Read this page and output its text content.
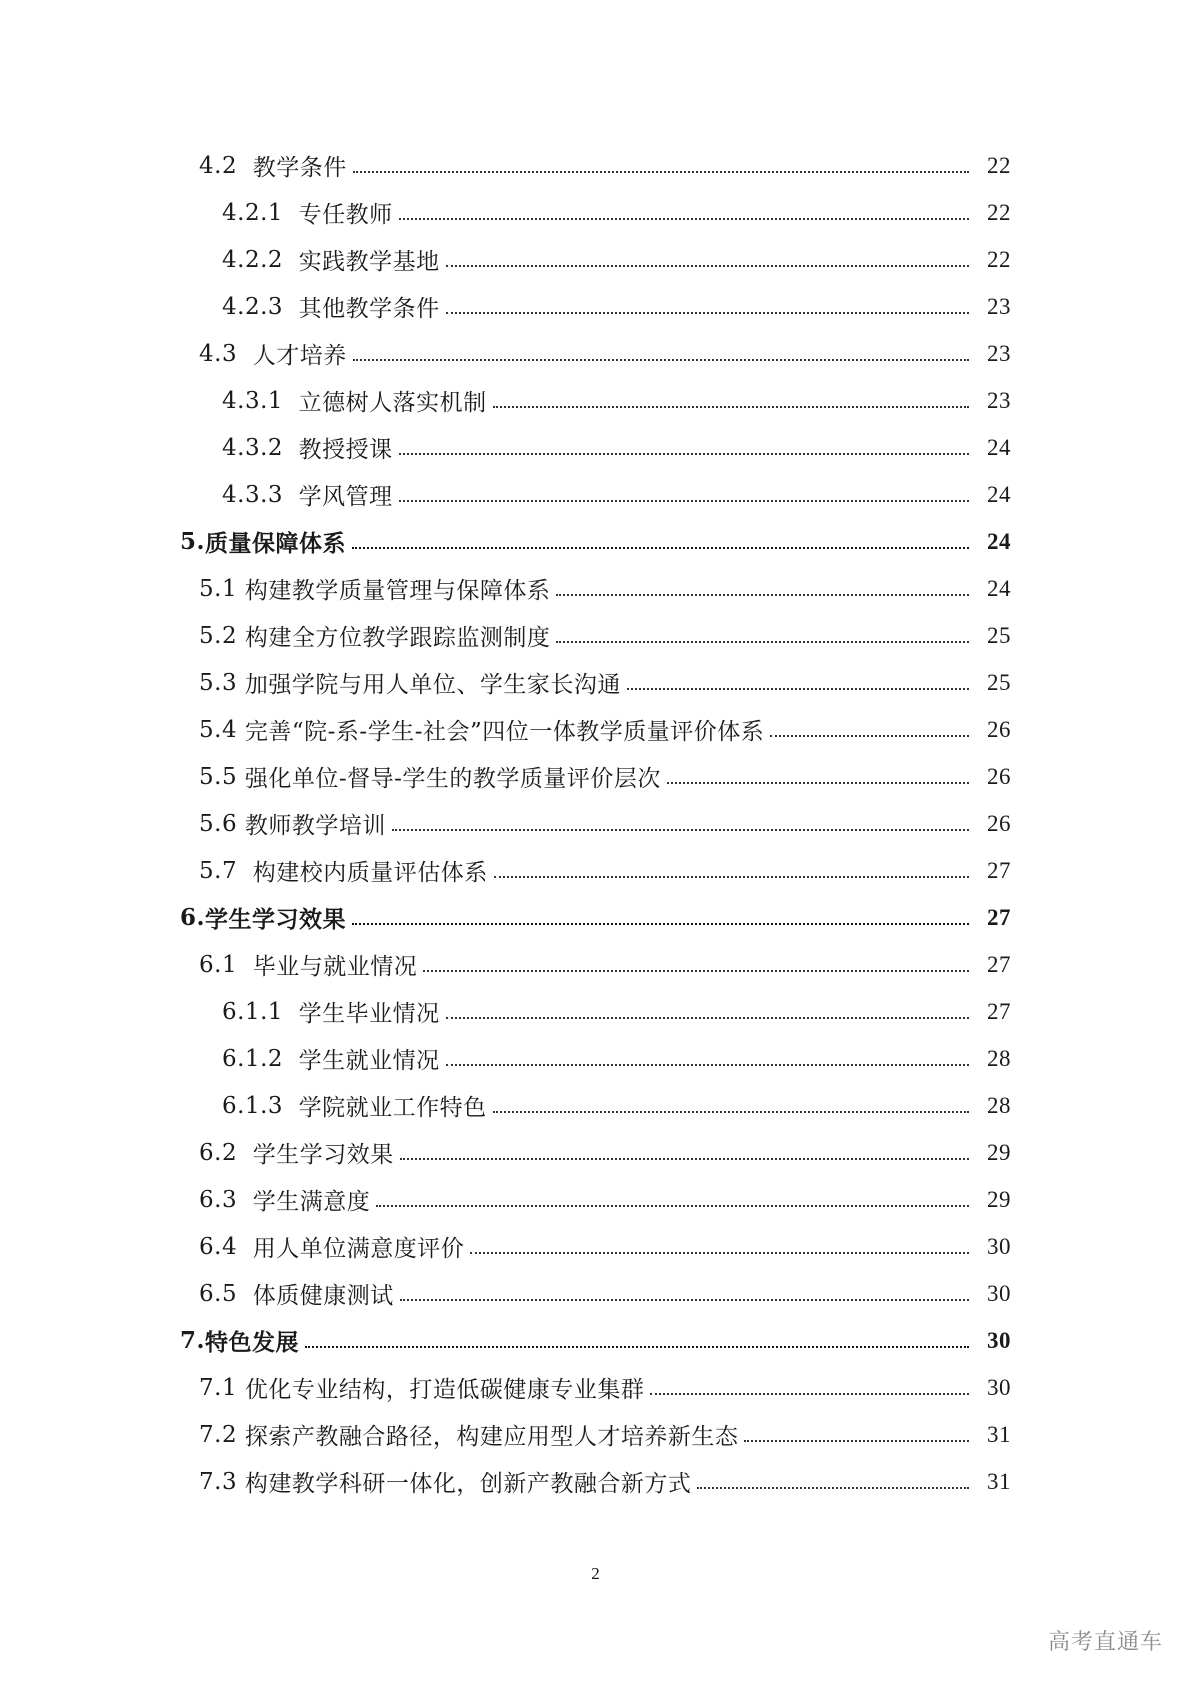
4.2 教学条件	22
4.2.1 专任教师	22
4.2.2 实践教学基地	22
4.2.3 其他教学条件	23
4.3 人才培养	23
4.3.1 立德树人落实机制	23
4.3.2 教授授课	24
4.3.3 学风管理	24
5. 质量保障体系	24
5.1 构建教学质量管理与保障体系	24
5.2 构建全方位教学跟踪监测制度	25
5.3 加强学院与用人单位、学生家长沟通	25
5.4 完善“院-系-学生-社会”四位一体教学质量评价体系	26
5.5 强化单位-督导-学生的教学质量评价层次	26
5.6 教师教学培训	26
5.7 构建校内质量评估体系	27
6. 学生学习效果	27
6.1 毕业与就业情况	27
6.1.1 学生毕业情况	27
6.1.2 学生就业情况	28
6.1.3 学院就业工作特色	28
6.2 学生学习效果	29
6.3 学生满意度	29
6.4 用人单位满意度评价	30
6.5 体质健康测试	30
7. 特色发展	30
7.1 优化专业结构，打造低碳健康专业集群	30
7.2 探索产教融合路径，构建应用型人才培养新生态	31
7.3 构建教学科研一体化，创新产教融合新方式	31
2
高考直通车
